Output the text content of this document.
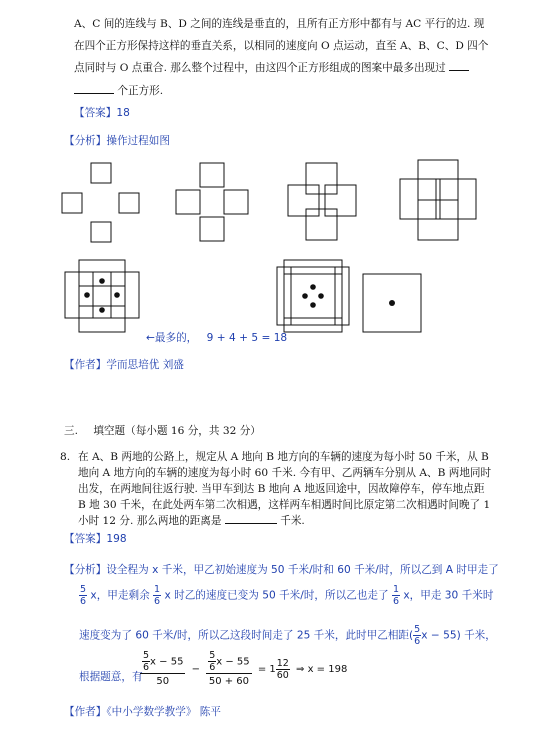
A、C 间的连线与 B、D 之间的连线是垂直的，且所有正方形中都有与 AC 平行的边. 现
在四个正方形保持这样的垂直关系，以相同的速度向 O 点运动，直至 A、B、C、D 四个
点同时与 O 点重合. 那么整个过程中，由这四个正方形组成的图案中最多出现过
个正方形.
【答案】18
【分析】操作过程如图
←最多的， 9 + 4 + 5 = 18
【作者】学而思培优 刘盛
三. 填空题（每小题 16 分，共 32 分）
8. 在 A、B 两地的公路上，规定从 A 地向 B 地方向的车辆的速度为每小时 50 千米，从 B
地向 A 地方向的车辆的速度为每小时 60 千米. 今有甲、乙两辆车分别从 A、B 两地同时
出发，在两地间往返行驶. 当甲车到达 B 地向 A 地返回途中，因故障停车，停车地点距
B 地 30 千米，在此处两车第二次相遇，这样两车相遇时间比原定第二次相遇时间晚了 1
小时 12 分. 那么两地的距离是	千米.
【答案】198
【分析】设全程为 x 千米，甲乙初始速度为 50 千米/时和 60 千米/时，所以乙到 A 时甲走了
$\frac{5}{6}$ x，甲走剩余 $\frac{1}{6}$ x 时乙的速度已变为 50 千米/时，所以乙也走了 $\frac{1}{6}$ x，甲走 30 千米时
速度变为了 60 千米/时，所以乙这段时间走了 25 千米，此时甲乙相距( $\frac{5}{6}$ x − 55) 千米，
根据题意，有
$\frac{\frac{5}{6} x - 55}{50} - \frac{\frac{5}{6} x - 55}{50 + 60} = 1 \frac{12}{60}$ ⇒ x = 198
【作者】《中小学数学教学》 陈平
